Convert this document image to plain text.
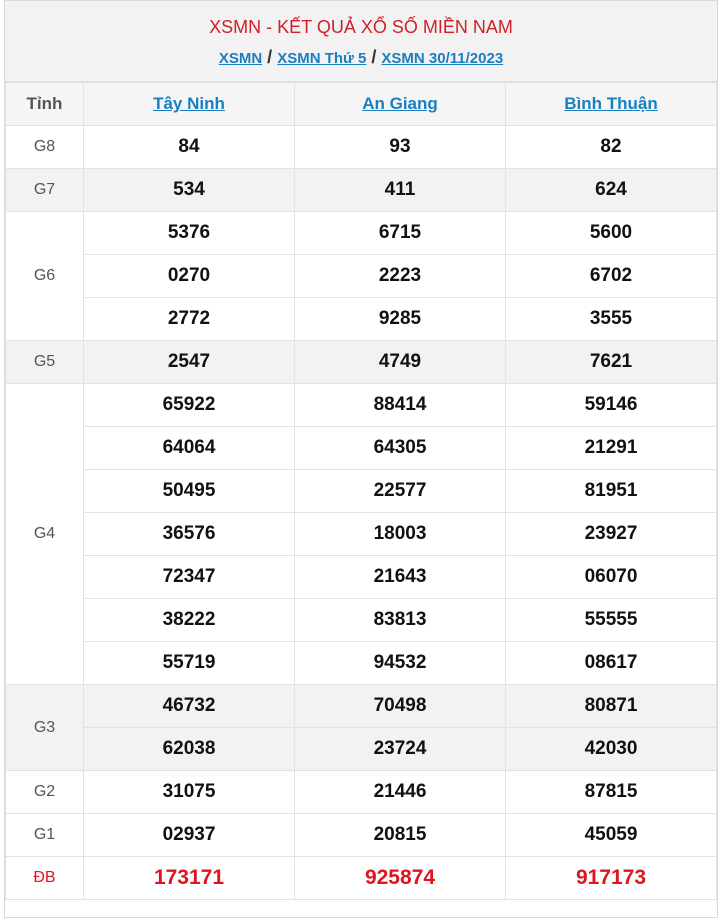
XSMN - KẾT QUẢ XỔ SỐ MIỀN NAM
XSMN / XSMN Thứ 5 / XSMN 30/11/2023
Tỉnh	Tây Ninh	An Giang	Bình Thuận
G8	84	93	82
G7	534	411	624
G6	5376	6715	5600
	0270	2223	6702
	2772	9285	3555
G5	2547	4749	7621
G4	65922	88414	59146
	64064	64305	21291
	50495	22577	81951
	36576	18003	23927
	72347	21643	06070
	38222	83813	55555
	55719	94532	08617
G3	46732	70498	80871
	62038	23724	42030
G2	31075	21446	87815
G1	02937	20815	45059
ĐB	173171	925874	917173
